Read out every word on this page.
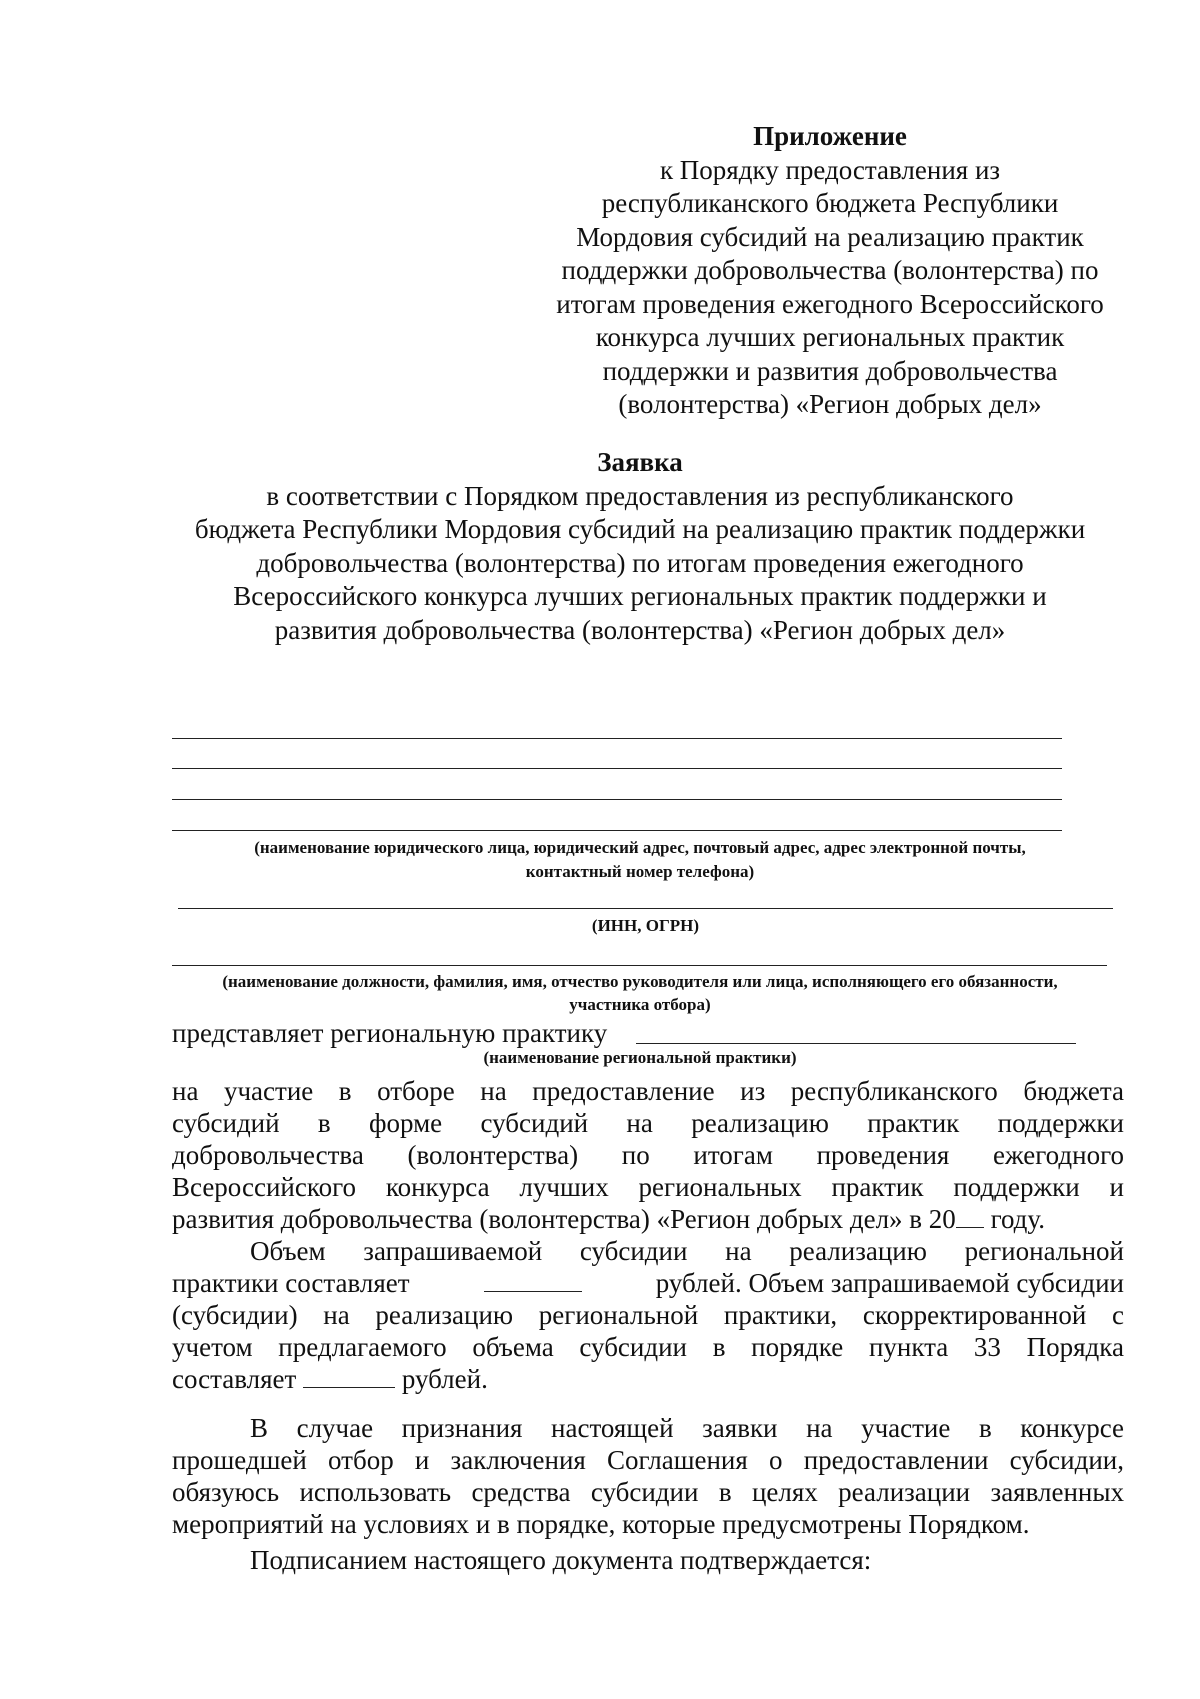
Приложение
к Порядку предоставления из
республиканского бюджета Республики
Мордовия субсидий на реализацию практик
поддержки добровольчества (волонтерства) по
итогам проведения ежегодного Всероссийского
конкурса лучших региональных практик
поддержки и развития добровольчества
(волонтерства) «Регион добрых дел»
Заявка
в соответствии с Порядком предоставления из республиканского
бюджета Республики Мордовия субсидий на реализацию практик поддержки
добровольчества (волонтерства) по итогам проведения ежегодного
Всероссийского конкурса лучших региональных практик поддержки и
развития добровольчества (волонтерства) «Регион добрых дел»
(наименование юридического лица, юридический адрес, почтовый адрес, адрес электронной почты,
контактный номер телефона)
(ИНН, ОГРН)
(наименование должности, фамилия, имя, отчество руководителя или лица, исполняющего его обязанности,
участника отбора)
представляет региональную практику
(наименование региональной практики)
на участие в отборе на предоставление из республиканского бюджета
субсидий в форме субсидий на реализацию практик поддержки
добровольчества (волонтерства) по итогам проведения ежегодного
Всероссийского конкурса лучших региональных практик поддержки и
развития добровольчества (волонтерства) «Регион добрых дел» в 20 году.
Объем запрашиваемой субсидии на реализацию региональной
практики составляет	рублей. Объем запрашиваемой субсидии
(субсидии) на реализацию региональной практики, скорректированной с
учетом предлагаемого объема субсидии в порядке пункта 33 Порядка
составляет	рублей.
В случае признания настоящей заявки на участие в конкурсе
прошедшей отбор и заключения Соглашения о предоставлении субсидии,
обязуюсь использовать средства субсидии в целях реализации заявленных
мероприятий на условиях и в порядке, которые предусмотрены Порядком.
Подписанием настоящего документа подтверждается:
